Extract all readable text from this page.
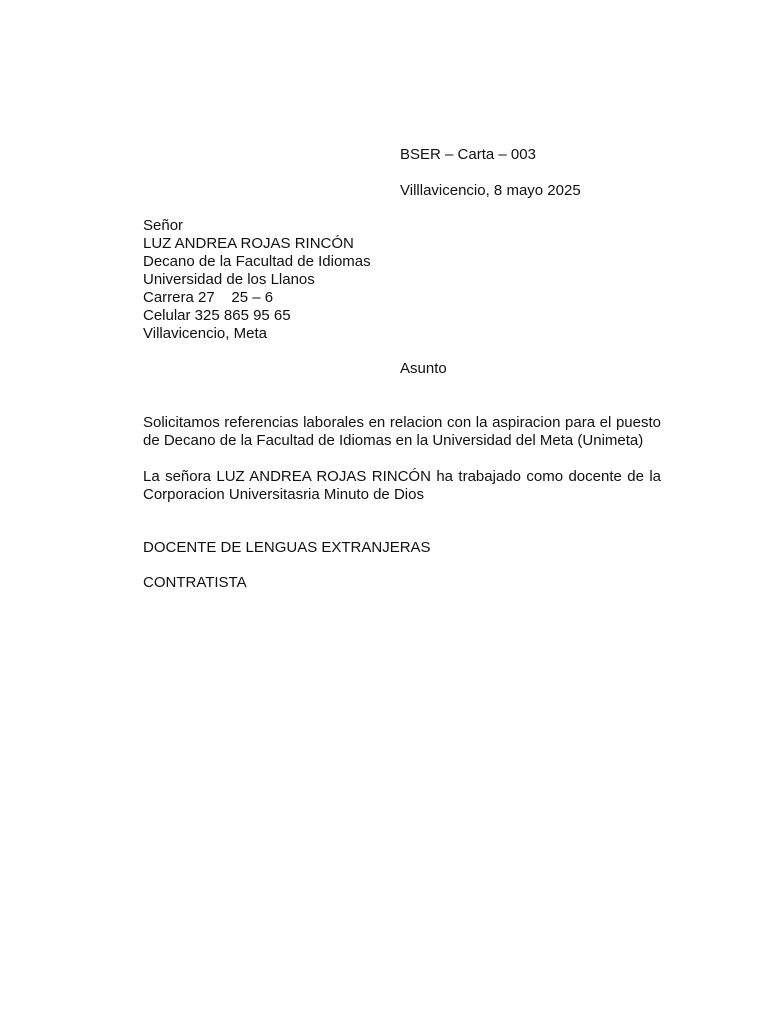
BSER – Carta – 003
Villlavicencio, 8 mayo 2025
Señor
LUZ ANDREA ROJAS RINCÓN
Decano de la Facultad de Idiomas
Universidad de los Llanos
Carrera 27    25 – 6
Celular 325 865 95 65
Villavicencio, Meta
Asunto
Solicitamos referencias laborales en relacion con la aspiracion para el puesto de Decano de la Facultad de Idiomas en la Universidad del Meta (Unimeta)
La señora LUZ ANDREA ROJAS RINCÓN ha trabajado como docente de la Corporacion Universitasria Minuto de Dios
DOCENTE DE LENGUAS EXTRANJERAS
CONTRATISTA
